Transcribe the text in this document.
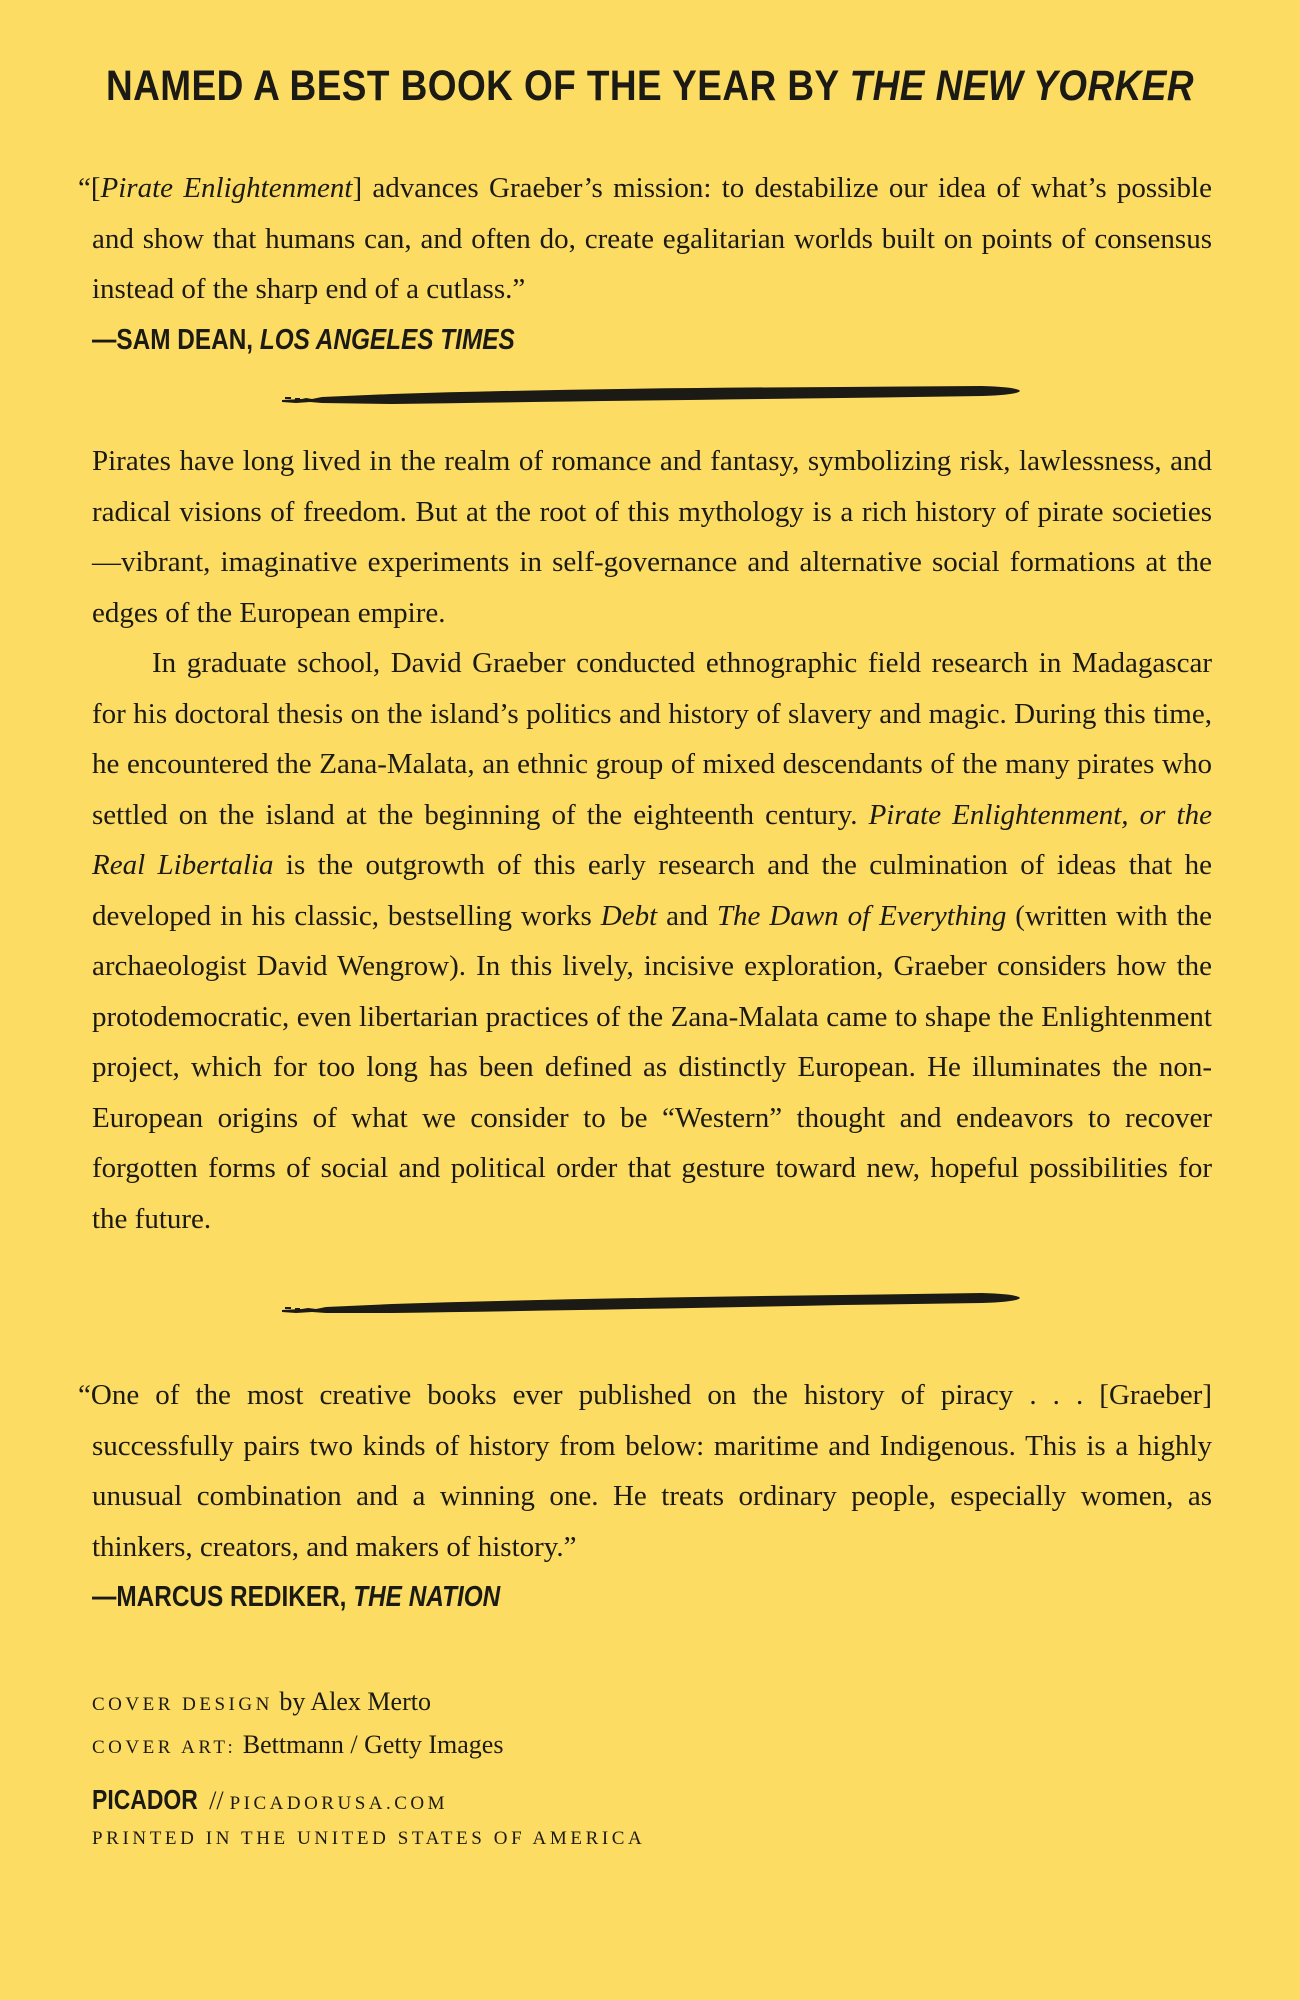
NAMED A BEST BOOK OF THE YEAR BY THE NEW YORKER
“[Pirate Enlightenment] advances Graeber’s mission: to destabilize our idea of what’s possible and show that humans can, and often do, create egalitarian worlds built on points of consensus instead of the sharp end of a cutlass.”
—SAM DEAN, LOS ANGELES TIMES

Pirates have long lived in the realm of romance and fantasy, symbolizing risk, lawlessness, and radical visions of freedom. But at the root of this mythology is a rich history of pirate societies—vibrant, imaginative experiments in self-governance and alternative social formations at the edges of the European empire.

In graduate school, David Graeber conducted ethnographic field research in Madagascar for his doctoral thesis on the island’s politics and history of slavery and magic. During this time, he encountered the Zana-Malata, an ethnic group of mixed descendants of the many pirates who settled on the island at the beginning of the eighteenth century. Pirate Enlightenment, or the Real Libertalia is the outgrowth of this early research and the culmination of ideas that he developed in his classic, bestselling works Debt and The Dawn of Everything (written with the archaeologist David Wengrow). In this lively, incisive exploration, Graeber considers how the protodemocratic, even libertarian practices of the Zana-Malata came to shape the Enlightenment project, which for too long has been defined as distinctly European. He illuminates the non-European origins of what we consider to be “Western” thought and endeavors to recover forgotten forms of social and political order that gesture toward new, hopeful possibilities for the future.

“One of the most creative books ever published on the history of piracy . . . [Graeber] successfully pairs two kinds of history from below: maritime and Indigenous. This is a highly unusual combination and a winning one. He treats ordinary people, especially women, as thinkers, creators, and makers of history.”
—MARCUS REDIKER, THE NATION
COVER DESIGN by Alex Merto
COVER ART: Bettmann / Getty Images
PICADOR // PICADORUSA.COM
PRINTED IN THE UNITED STATES OF AMERICA
